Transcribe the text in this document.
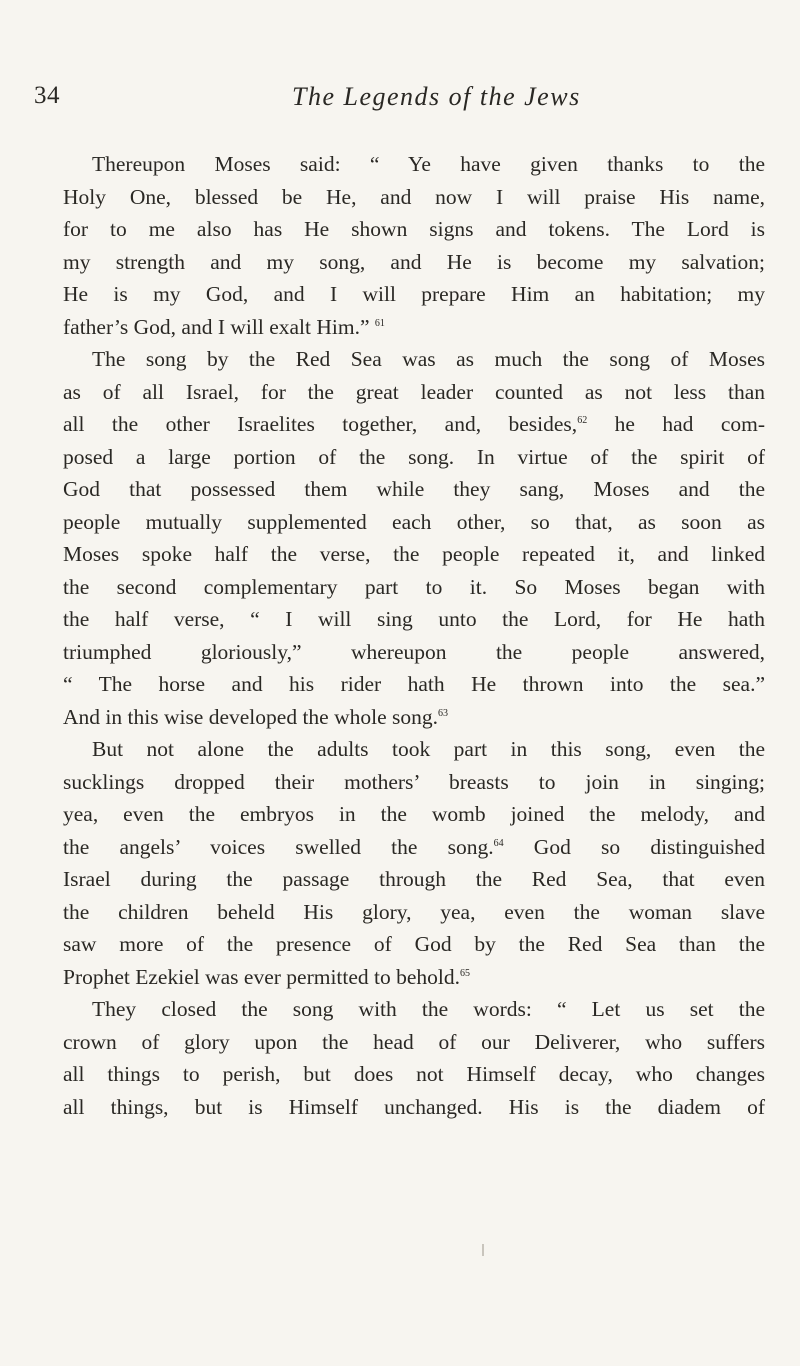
34	The Legends of the Jews
Thereupon Moses said: “ Ye have given thanks to the
Holy One, blessed be He, and now I will praise His name,
for to me also has He shown signs and tokens. The Lord is
my strength and my song, and He is become my salvation;
He is my God, and I will prepare Him an habitation; my
father’s God, and I will exalt Him.” $^{61}$
The song by the Red Sea was as much the song of Moses
as of all Israel, for the great leader counted as not less than
all the other Israelites together, and, besides,$^{62}$ he had com-
posed a large portion of the song. In virtue of the spirit of
God that possessed them while they sang, Moses and the
people mutually supplemented each other, so that, as soon as
Moses spoke half the verse, the people repeated it, and linked
the second complementary part to it. So Moses began with
the half verse, “ I will sing unto the Lord, for He hath
triumphed gloriously,” whereupon the people answered,
“ The horse and his rider hath He thrown into the sea.”
And in this wise developed the whole song.$^{63}$
But not alone the adults took part in this song, even the
sucklings dropped their mothers’ breasts to join in singing;
yea, even the embryos in the womb joined the melody, and
the angels’ voices swelled the song.$^{64}$ God so distinguished
Israel during the passage through the Red Sea, that even
the children beheld His glory, yea, even the woman slave
saw more of the presence of God by the Red Sea than the
Prophet Ezekiel was ever permitted to behold.$^{65}$
They closed the song with the words: “ Let us set the
crown of glory upon the head of our Deliverer, who suffers
all things to perish, but does not Himself decay, who changes
all things, but is Himself unchanged. His is the diadem of
